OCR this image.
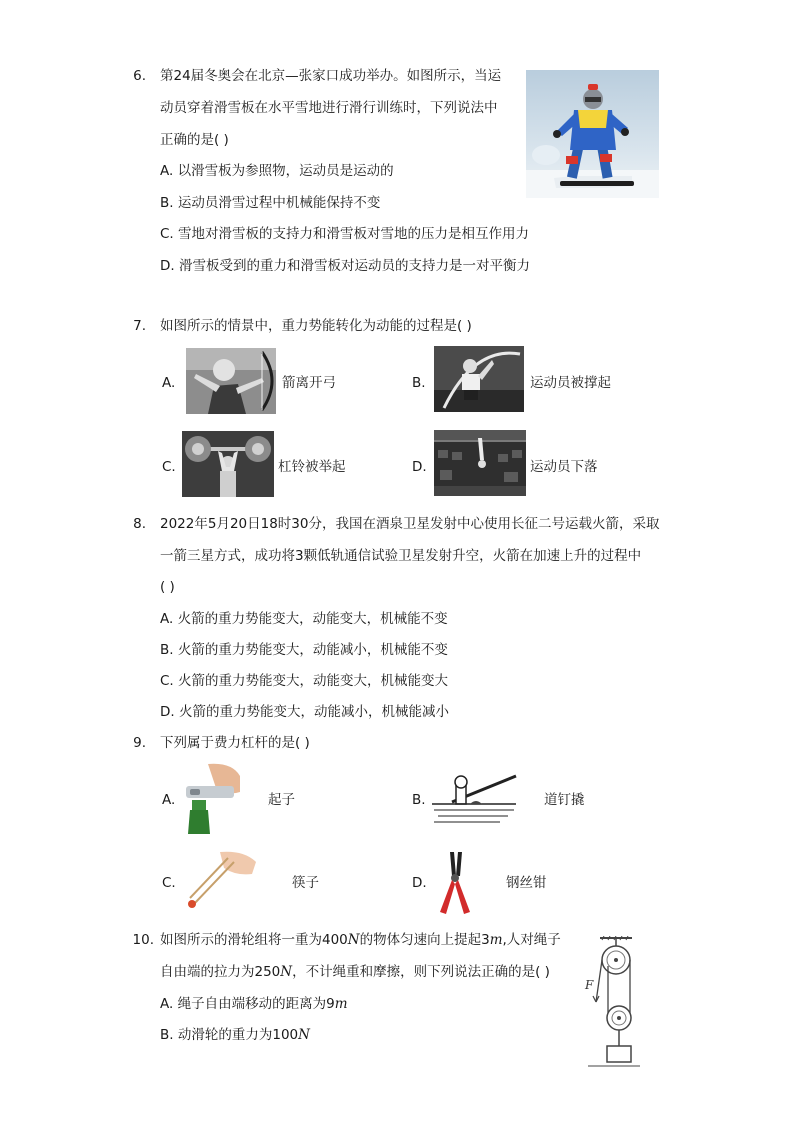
6. 第24届冬奥会在北京—张家口成功举办。如图所示，当运
动员穿着滑雪板在水平雪地进行滑行训练时，下列说法中
正确的是( )
A. 以滑雪板为参照物，运动员是运动的
B. 运动员滑雪过程中机械能保持不变
C. 雪地对滑雪板的支持力和滑雪板对雪地的压力是相互作用力
D. 滑雪板受到的重力和滑雪板对运动员的支持力是一对平衡力
7. 如图所示的情景中，重力势能转化为动能的过程是( )
A.	箭离开弓	B.	运动员被撑起
C.	杠铃被举起	D.	运动员下落
8. 2022年5月20日18时30分，我国在酒泉卫星发射中心使用长征二号运载火箭，采取
一箭三星方式，成功将3颗低轨通信试验卫星发射升空，火箭在加速上升的过程中
( )
A. 火箭的重力势能变大，动能变大，机械能不变
B. 火箭的重力势能变大，动能减小，机械能不变
C. 火箭的重力势能变大，动能变大，机械能变大
D. 火箭的重力势能变大，动能减小，机械能减小
9. 下列属于费力杠杆的是( )
A.	起子	B.	道钉撬
C.	筷子	D.	钢丝钳
10. 如图所示的滑轮组将一重为400N的物体匀速向上提起3m,人对绳子
自由端的拉力为250N，不计绳重和摩擦，则下列说法正确的是( )
A. 绳子自由端移动的距离为9m
B. 动滑轮的重力为100N
F
